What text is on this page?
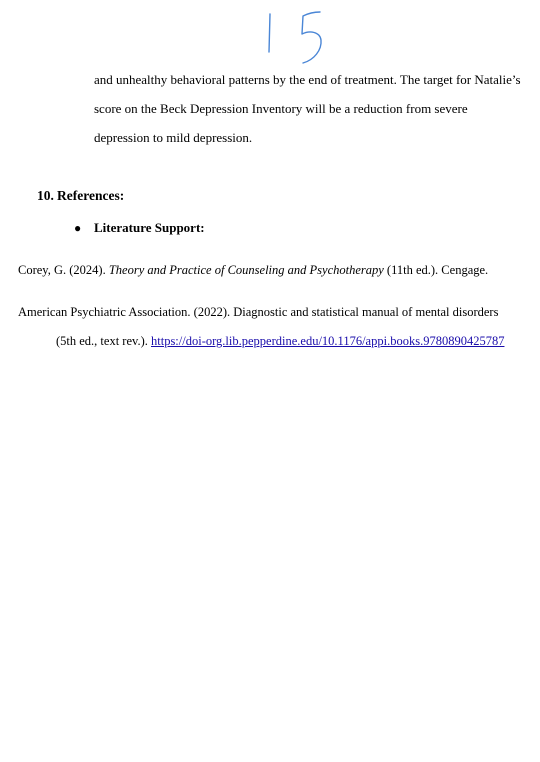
and unhealthy behavioral patterns by the end of treatment. The target for Natalie’s
score on the Beck Depression Inventory will be a reduction from severe
depression to mild depression.
10. References:
● Literature Support:
Corey, G. (2024). Theory and Practice of Counseling and Psychotherapy (11th ed.). Cengage.
American Psychiatric Association. (2022). Diagnostic and statistical manual of mental disorders
(5th ed., text rev.). https://doi-org.lib.pepperdine.edu/10.1176/appi.books.9780890425787
